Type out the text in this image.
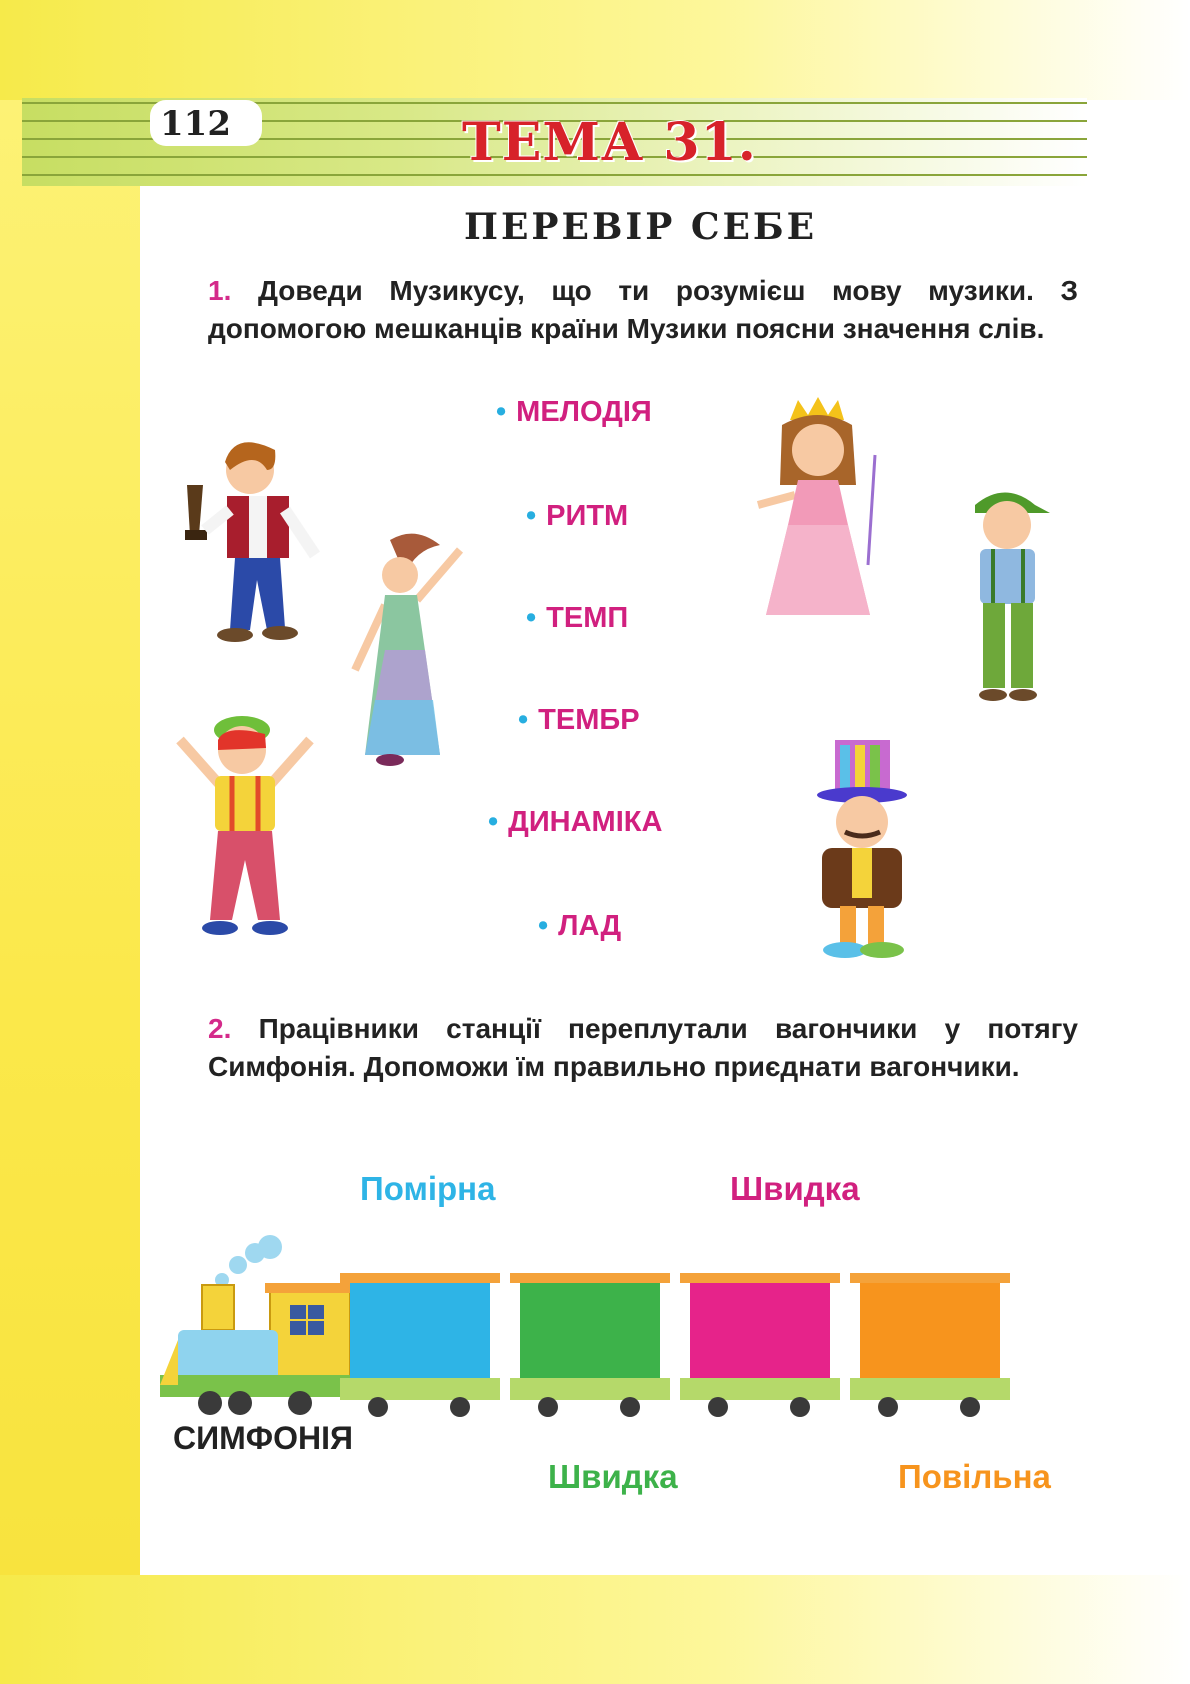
112	ТЕМА 31.
ПЕРЕВІР СЕБЕ
1. Доведи Музикусу, що ти розумієш мову музики. З допомогою мешканців країни Музики поясни значення слів.
• МЕЛОДІЯ
• РИТМ
• ТЕМП
• ТЕМБР
• ДИНАМІКА
• ЛАД
2. Працівники станції переплутали вагончики у потягу Симфонія. Допоможи їм правильно приєднати вагончики.
Помірна	Швидка
Швидка	Повільна
СИМФОНІЯ
